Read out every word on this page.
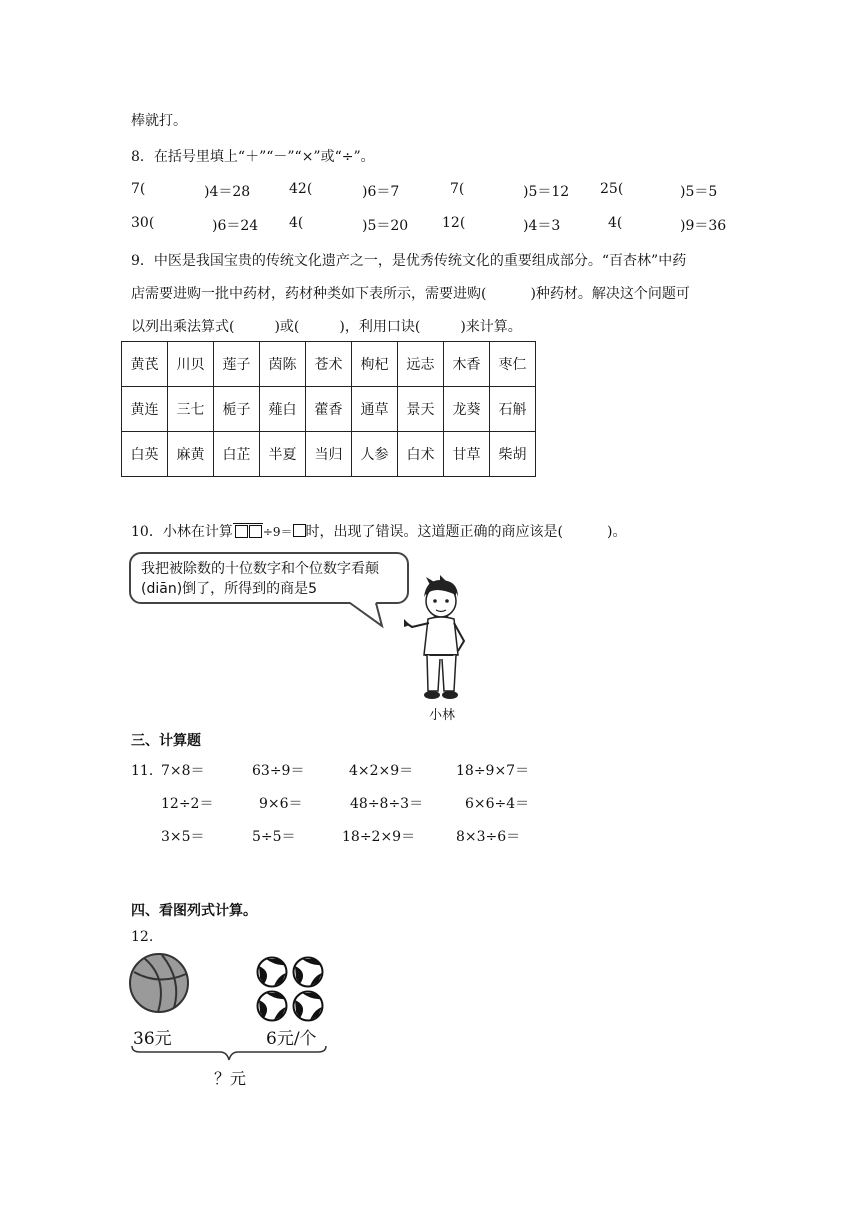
棒就打。
8．在括号里填上“＋”“－”“×”或“÷”。
7(	)4＝28	42(	)6＝7	7(	)5＝12 25(	)5＝5
30(	)6＝24 4(	)5＝20 12(	)4＝3	4(	)9＝36
9．中医是我国宝贵的传统文化遗产之一，是优秀传统文化的重要组成部分。“百杏林”中药
店需要进购一批中药材，药材种类如下表所示，需要进购(	)种药材。解决这个问题可
以列出乘法算式(	)或(	)，利用口诀(	)来计算。
黄芪	川贝	莲子	茵陈	苍术	枸杞	远志	木香	枣仁
黄连	三七	栀子	薤白	藿香	通草	景天	龙葵	石斛
白英	麻黄	白芷	半夏	当归	人参	白术	甘草	柴胡
10．小林在计算	÷9＝ 时，出现了错误。这道题正确的商应该是(	)。
我把被除数的十位数字和个位数字看颠
(diān)倒了，所得到的商是5
小林
三、计算题
11．
7×8＝	63÷9＝	4×2×9＝	18÷9×7＝
12÷2＝	9×6＝	48÷8÷3＝	6×6÷4＝
3×5＝	5÷5＝	18÷2×9＝	8×3÷6＝
四、看图列式计算。
12.
36元	6元/个
？元
